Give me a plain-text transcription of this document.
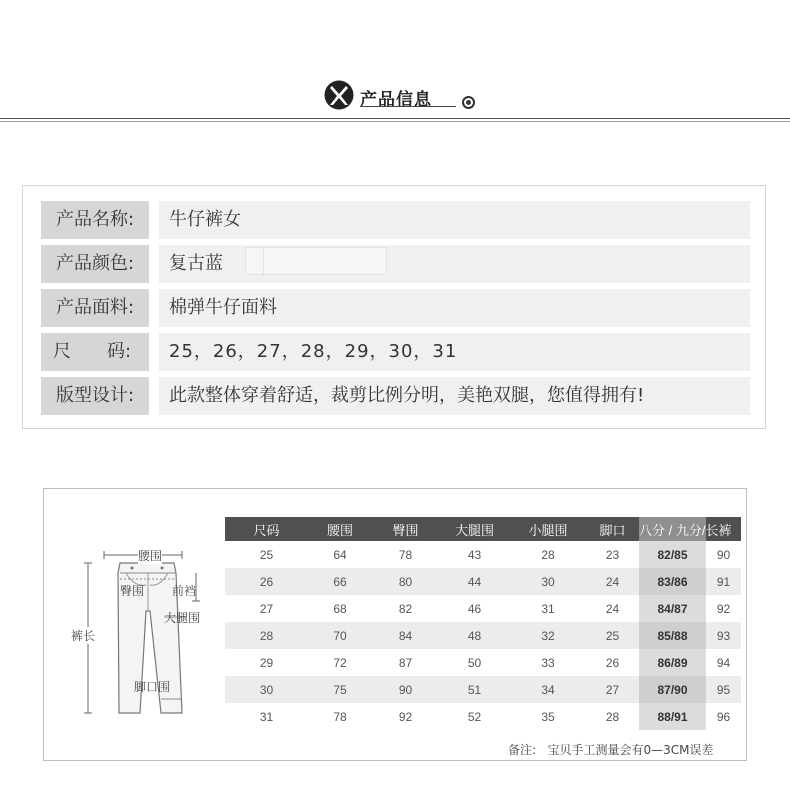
产品信息
产品名称:	牛仔裤女
产品颜色:	复古蓝
产品面料:	棉弹牛仔面料
尺 码:	25，26，27，28，29，30，31
版型设计:	此款整体穿着舒适，裁剪比例分明，美艳双腿，您值得拥有!
腰围
臀围 前裆
大腿围
裤长
脚口围
尺码	腰围	臀围	大腿围	小腿围	脚口	八分 / 九分/长裤	
25	64	78	43	28	23	82/85	90
26	66	80	44	30	24	83/86	91
27	68	82	46	31	24	84/87	92
28	70	84	48	32	25	85/88	93
29	72	87	50	33	26	86/89	94
30	75	90	51	34	27	87/90	95
31	78	92	52	35	28	88/91	96
备注:   宝贝手工测量会有0—3CM误差
